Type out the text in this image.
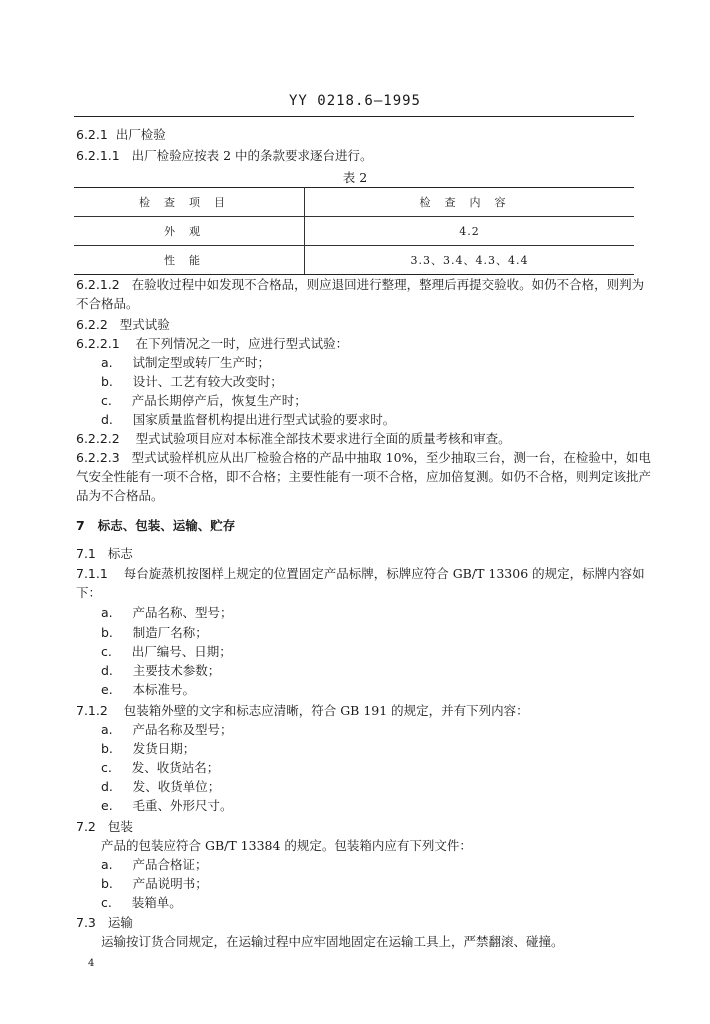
YY 0218.6—1995
6.2.1 出厂检验
6.2.1.1 出厂检验应按表 2 中的条款要求逐台进行。
表 2
检查项目	检查内容
外观	4.2
性能	3.3、3.4、4.3、4.4
6.2.1.2 在验收过程中如发现不合格品，则应退回进行整理，整理后再提交验收。如仍不合格，则判为
不合格品。
6.2.2 型式试验
6.2.2.1 在下列情况之一时，应进行型式试验：
a. 试制定型或转厂生产时；
b. 设计、工艺有较大改变时；
c. 产品长期停产后，恢复生产时；
d. 国家质量监督机构提出进行型式试验的要求时。
6.2.2.2 型式试验项目应对本标准全部技术要求进行全面的质量考核和审查。
6.2.2.3 型式试验样机应从出厂检验合格的产品中抽取 10%，至少抽取三台，测一台，在检验中，如电
气安全性能有一项不合格，即不合格；主要性能有一项不合格，应加倍复测。如仍不合格，则判定该批产
品为不合格品。
7 标志、包装、运输、贮存
7.1 标志
7.1.1 每台旋蒸机按图样上规定的位置固定产品标牌，标牌应符合 GB/T 13306 的规定，标牌内容如
下：
a. 产品名称、型号；
b. 制造厂名称；
c. 出厂编号、日期；
d. 主要技术参数；
e. 本标准号。
7.1.2 包装箱外壁的文字和标志应清晰，符合 GB 191 的规定，并有下列内容：
a. 产品名称及型号；
b. 发货日期；
c. 发、收货站名；
d. 发、收货单位；
e. 毛重、外形尺寸。
7.2 包装
产品的包装应符合 GB/T 13384 的规定。包装箱内应有下列文件：
a. 产品合格证；
b. 产品说明书；
c. 装箱单。
7.3 运输
运输按订货合同规定，在运输过程中应牢固地固定在运输工具上，严禁翻滚、碰撞。
4
